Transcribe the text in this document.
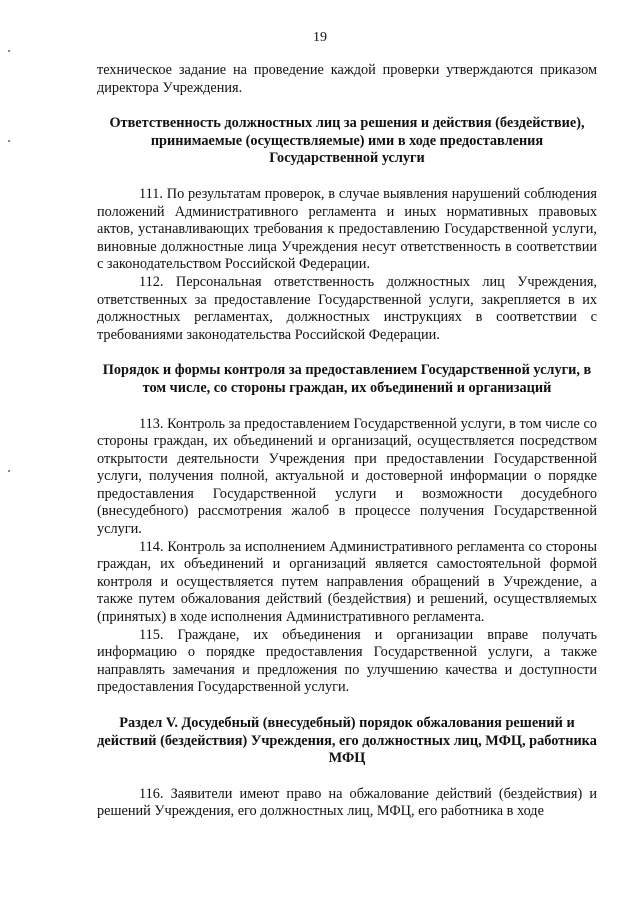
19

техническое задание на проведение каждой проверки утверждаются приказом директора Учреждения.

Ответственность должностных лиц за решения и действия (бездействие), принимаемые (осуществляемые) ими в ходе предоставления Государственной услуги

111. По результатам проверок, в случае выявления нарушений соблюдения положений Административного регламента и иных нормативных правовых актов, устанавливающих требования к предоставлению Государственной услуги, виновные должностные лица Учреждения несут ответственность в соответствии с законодательством Российской Федерации.

112. Персональная ответственность должностных лиц Учреждения, ответственных за предоставление Государственной услуги, закрепляется в их должностных регламентах, должностных инструкциях в соответствии с требованиями законодательства Российской Федерации.

Порядок и формы контроля за предоставлением Государственной услуги, в том числе, со стороны граждан, их объединений и организаций

113. Контроль за предоставлением Государственной услуги, в том числе со стороны граждан, их объединений и организаций, осуществляется посредством открытости деятельности Учреждения при предоставлении Государственной услуги, получения полной, актуальной и достоверной информации о порядке предоставления Государственной услуги и возможности досудебного (внесудебного) рассмотрения жалоб в процессе получения Государственной услуги.

114. Контроль за исполнением Административного регламента со стороны граждан, их объединений и организаций является самостоятельной формой контроля и осуществляется путем направления обращений в Учреждение, а также путем обжалования действий (бездействия) и решений, осуществляемых (принятых) в ходе исполнения Административного регламента.

115. Граждане, их объединения и организации вправе получать информацию о порядке предоставления Государственной услуги, а также направлять замечания и предложения по улучшению качества и доступности предоставления Государственной услуги.

Раздел V. Досудебный (внесудебный) порядок обжалования решений и действий (бездействия) Учреждения, его должностных лиц, МФЦ, работника МФЦ

116. Заявители имеют право на обжалование действий (бездействия) и решений Учреждения, его должностных лиц, МФЦ, его работника в ходе
